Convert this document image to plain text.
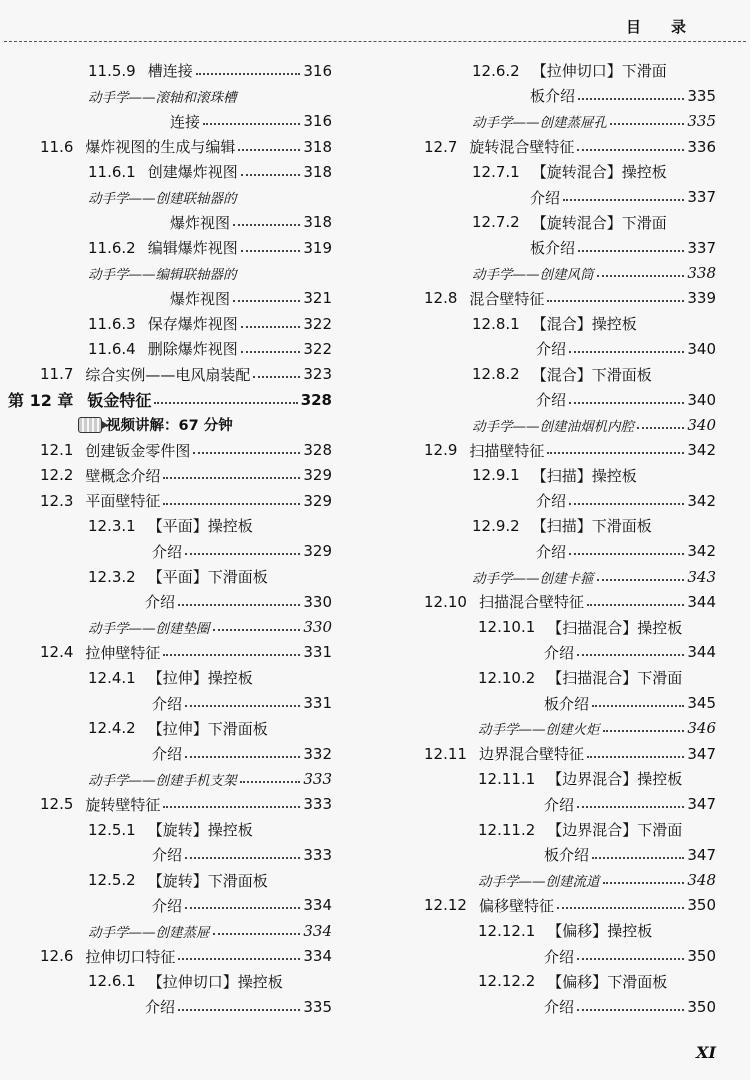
目录
11.5.9 槽连接	316
动手学——滚轴和滚珠槽
连接	316
11.6 爆炸视图的生成与编辑	318
11.6.1 创建爆炸视图	318
动手学——创建联轴器的
爆炸视图	318
11.6.2 编辑爆炸视图	319
动手学——编辑联轴器的
爆炸视图	321
11.6.3 保存爆炸视图	322
11.6.4 删除爆炸视图	322
11.7 综合实例——电风扇装配	323
第 12 章 钣金特征	328
视频讲解：67 分钟
12.1 创建钣金零件图	328
12.2 壁概念介绍	329
12.3 平面壁特征	329
12.3.1 【平面】操控板
介绍	329
12.3.2 【平面】下滑面板
介绍	330
动手学——创建垫圈	330
12.4 拉伸壁特征	331
12.4.1 【拉伸】操控板
介绍	331
12.4.2 【拉伸】下滑面板
介绍	332
动手学——创建手机支架	333
12.5 旋转壁特征	333
12.5.1 【旋转】操控板
介绍	333
12.5.2 【旋转】下滑面板
介绍	334
动手学——创建蒸屉	334
12.6 拉伸切口特征	334
12.6.1 【拉伸切口】操控板
介绍	335
12.6.2 【拉伸切口】下滑面
板介绍	335
动手学——创建蒸屉孔	335
12.7 旋转混合壁特征	336
12.7.1 【旋转混合】操控板
介绍	337
12.7.2 【旋转混合】下滑面
板介绍	337
动手学——创建风筒	338
12.8 混合壁特征	339
12.8.1 【混合】操控板
介绍	340
12.8.2 【混合】下滑面板
介绍	340
动手学——创建油烟机内腔	340
12.9 扫描壁特征	342
12.9.1 【扫描】操控板
介绍	342
12.9.2 【扫描】下滑面板
介绍	342
动手学——创建卡箍	343
12.10 扫描混合壁特征	344
12.10.1 【扫描混合】操控板
介绍	344
12.10.2 【扫描混合】下滑面
板介绍	345
动手学——创建火炬	346
12.11 边界混合壁特征	347
12.11.1 【边界混合】操控板
介绍	347
12.11.2 【边界混合】下滑面
板介绍	347
动手学——创建流道	348
12.12 偏移壁特征	350
12.12.1 【偏移】操控板
介绍	350
12.12.2 【偏移】下滑面板
介绍	350
XI
